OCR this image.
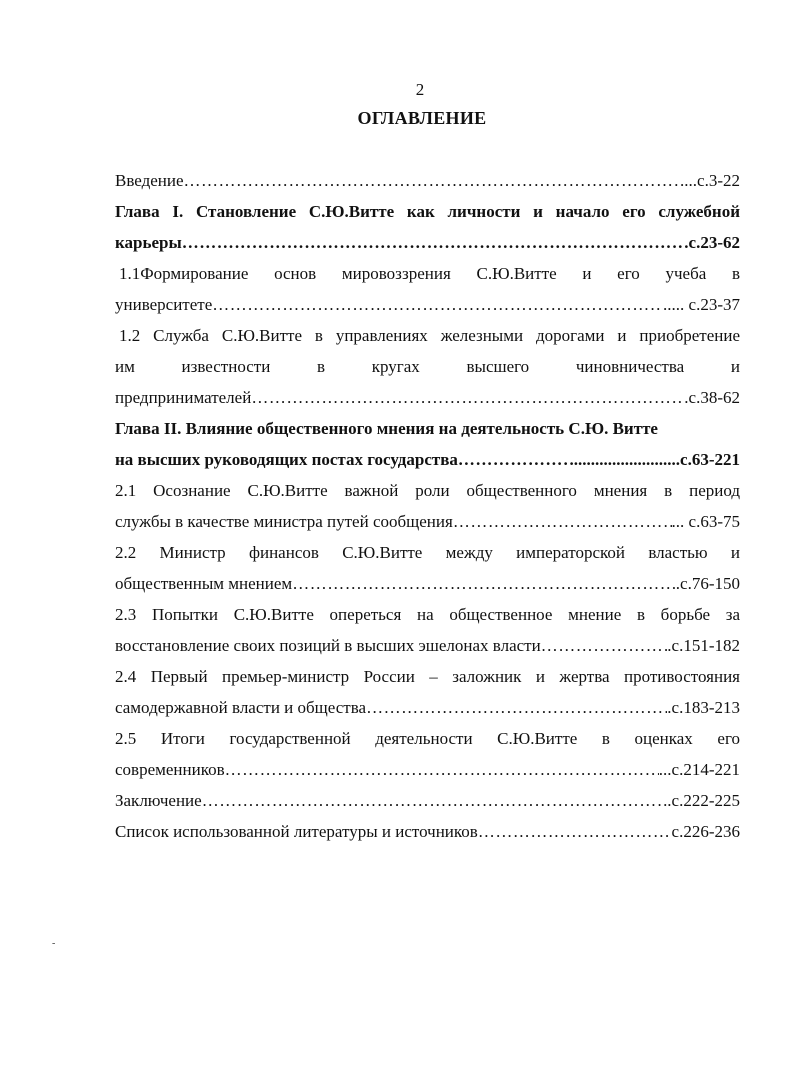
2
ОГЛАВЛЕНИЕ
Введение ………………………………………………………………………………………………………………………………………………	....с.3-22
Глава I. Становление С.Ю.Витте как личности и начало его служебной
карьеры ………………………………………………………………………………………………………………………………………………	.с.23-62
1.1Формирование основ мировоззрения С.Ю.Витте и его учеба в
университете ………………………………………………………………………………………………………………………………………………	..... с.23-37
1.2 Служба С.Ю.Витте в управлениях железными дорогами и приобретение
им известности в кругах высшего чиновничества и
предпринимателей ………………………………………………………………………………………………………………………………………………	.с.38-62
Глава II. Влияние общественного мнения на деятельность С.Ю. Витте
на высших руководящих постах государства ………………………………………………………………………………………………………………………………………………	..........................с.63-221
2.1 Осознание С.Ю.Витте важной роли общественного мнения в период
службы в качестве министра путей сообщения ………………………………………………………………………………………………………………………………………………	... с.63-75
2.2 Министр финансов С.Ю.Витте между императорской властью и
общественным мнением ………………………………………………………………………………………………………………………………………………	.с.76-150
2.3 Попытки С.Ю.Витте опереться на общественное мнение в борьбе за
восстановление своих позиций в высших эшелонах власти ………………………………………………………………………………………………………………………………………………	.с.151-182
2.4 Первый премьер-министр России – заложник и жертва противостояния
самодержавной власти и общества ………………………………………………………………………………………………………………………………………………	.с.183-213
2.5 Итоги государственной деятельности С.Ю.Витте в оценках его
современников ………………………………………………………………………………………………………………………………………………	...с.214-221
Заключение ………………………………………………………………………………………………………………………………………………	.с.222-225
Список использованной литературы и источников ………………………………………………………………………………………………………………………………………………	с.226-236
-
